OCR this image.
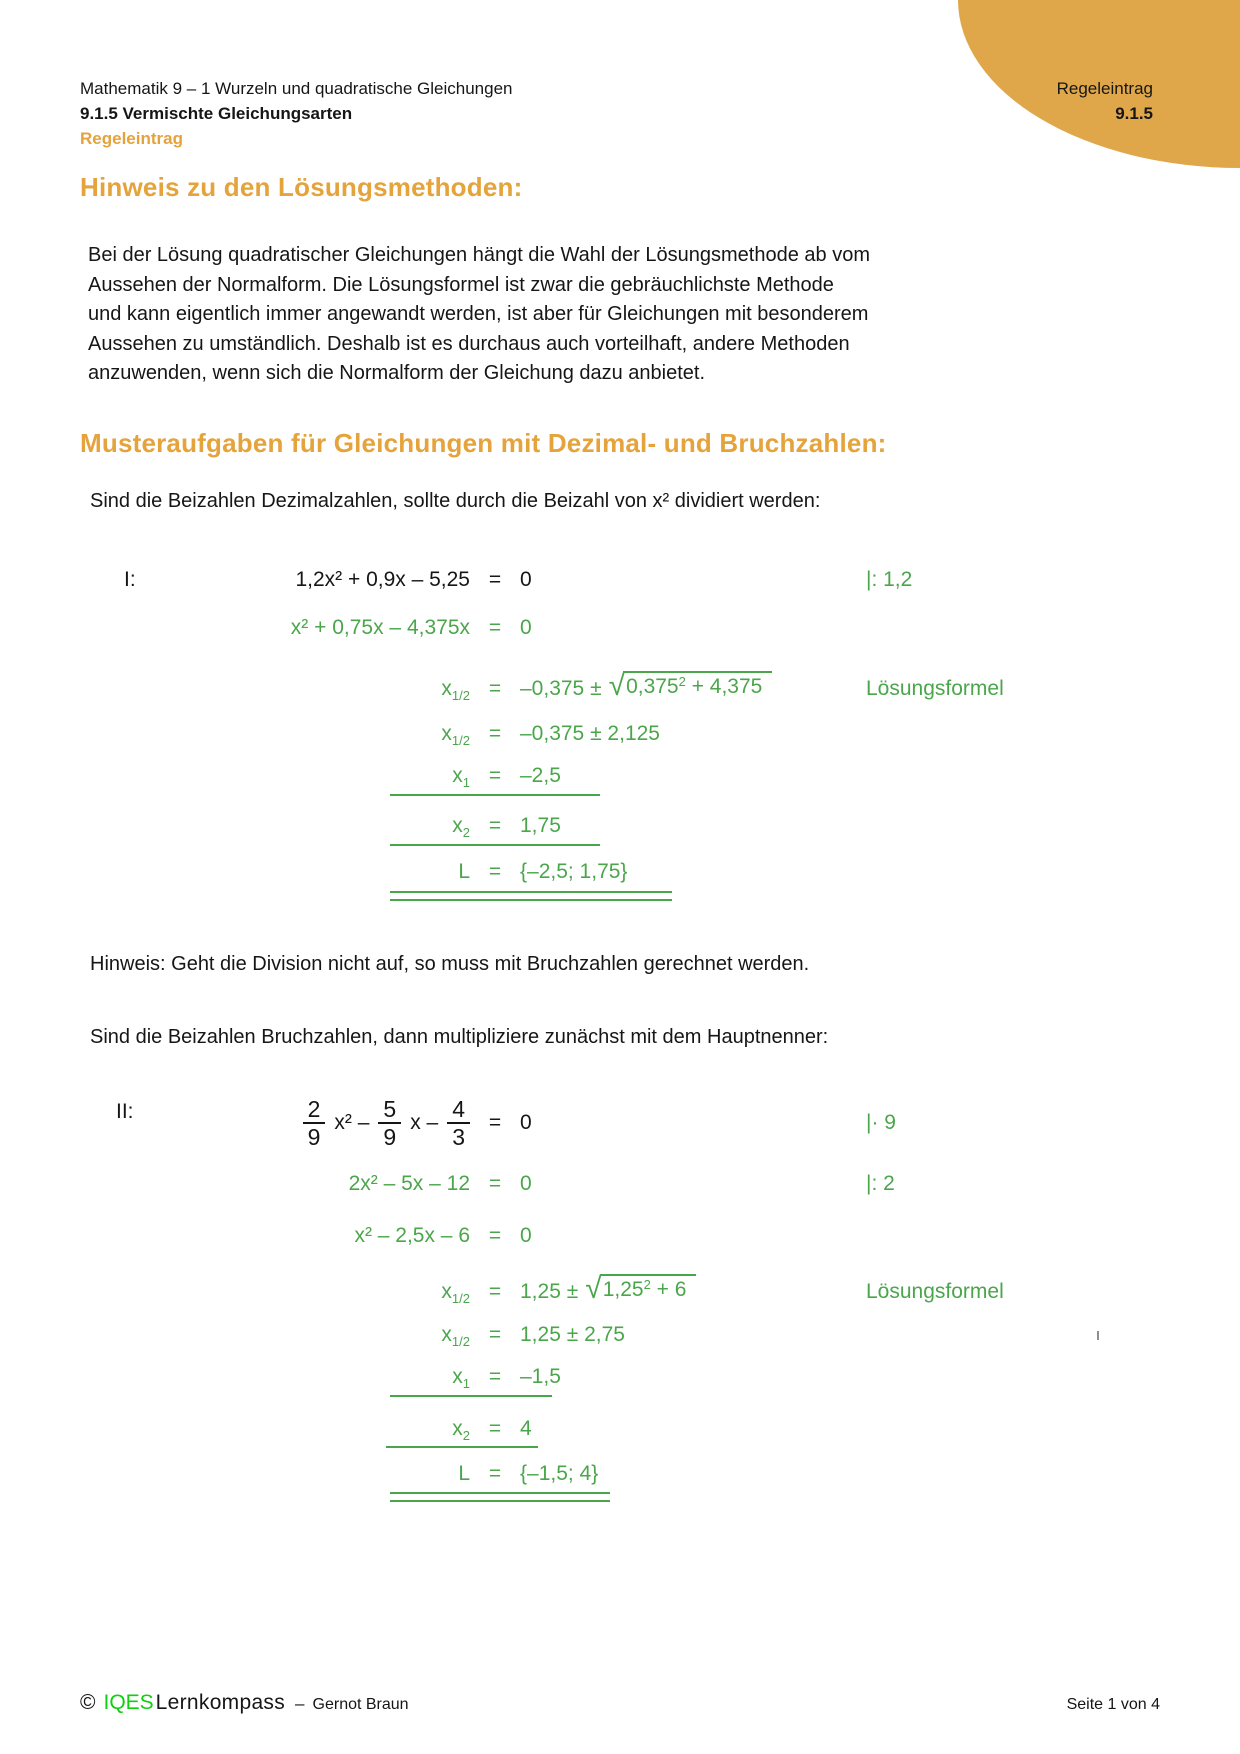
Regeleintrag
9.1.5
Mathematik 9 – 1 Wurzeln und quadratische Gleichungen
9.1.5 Vermischte Gleichungsarten
Regeleintrag
Hinweis zu den Lösungsmethoden:
Bei der Lösung quadratischer Gleichungen hängt die Wahl der Lösungsmethode ab vom
Aussehen der Normalform. Die Lösungsformel ist zwar die gebräuchlichste Methode
und kann eigentlich immer angewandt werden, ist aber für Gleichungen mit besonderem
Aussehen zu umständlich. Deshalb ist es durchaus auch vorteilhaft, andere Methoden
anzuwenden, wenn sich die Normalform der Gleichung dazu anbietet.
Musteraufgaben für Gleichungen mit Dezimal- und Bruchzahlen:
Sind die Beizahlen Dezimalzahlen, sollte durch die Beizahl von x² dividiert werden:
I:	1,2x² + 0,9x – 5,25 = 0	|: 1,2
x² + 0,75x – 4,375x = 0
$x_{1/2} = -0,375$ ± √ $0,375^2 + 4,375$	Lösungsformel
$x_{1/2} = -0,375 \pm 2,125$
$x_1 = -2,5$
$x_2 = 1,75$
L = {–2,5; 1,75}
Hinweis: Geht die Division nicht auf, so muss mit Bruchzahlen gerechnet werden.
Sind die Beizahlen Bruchzahlen, dann multipliziere zunächst mit dem Hauptnenner:
II:	$\frac{2}{9} x^2 - \frac{5}{9}$ $x - \frac{4}{3} = 0$	|· 9
2x² – 5x – 12 = 0	|: 2
x² – 2,5x – 6 = 0
$x_{1/2} = 1,25$ ± √ $1,25^2 + 6$	Lösungsformel
$x_{1/2} = 1,25 \pm 2,75$
$x_1 = -1,5$
$x_2 = 4$
L = {–1,5; 4}
© IQES Lernkompass – Gernot Braun	Seite 1 von 4
